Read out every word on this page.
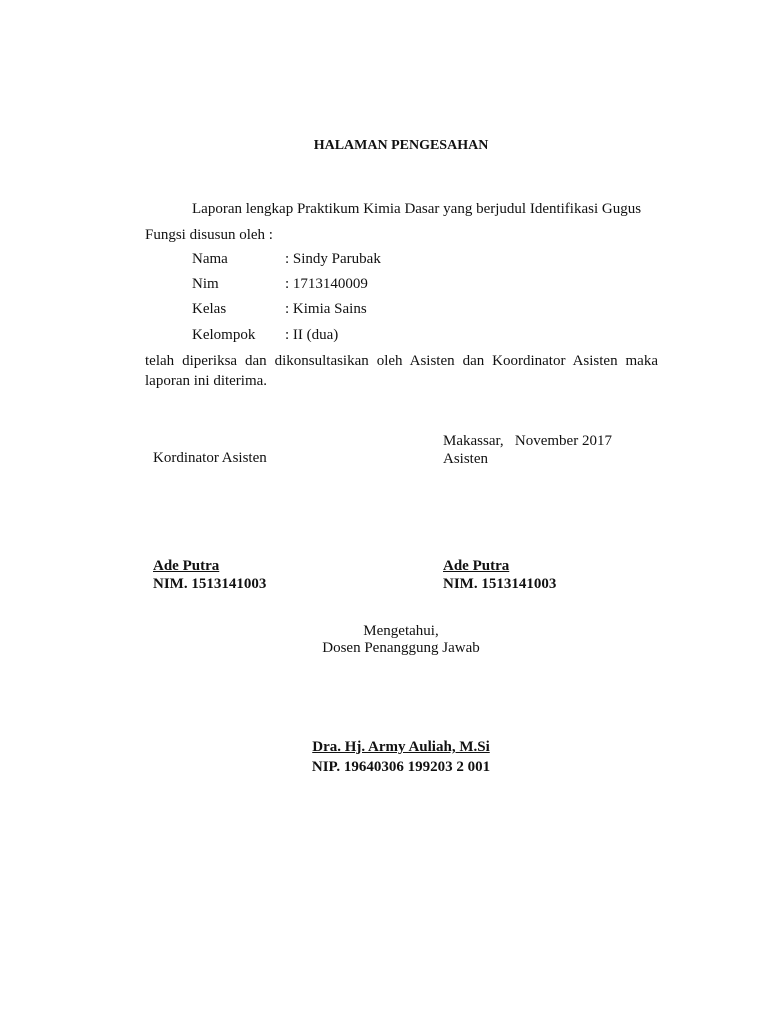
HALAMAN PENGESAHAN
Laporan lengkap Praktikum Kimia Dasar yang berjudul Identifikasi Gugus
Fungsi disusun oleh :
Nama	: Sindy Parubak
Nim	: 1713140009
Kelas	: Kimia Sains
Kelompok : II (dua)
telah diperiksa dan dikonsultasikan oleh Asisten dan Koordinator Asisten maka laporan ini diterima.
Kordinator Asisten
Ade Putra
NIM. 1513141003
Makassar,   November 2017
Asisten
Ade Putra
NIM. 1513141003
Mengetahui,
Dosen Penanggung Jawab
Dra. Hj. Army Auliah, M.Si
NIP. 19640306 199203 2 001
